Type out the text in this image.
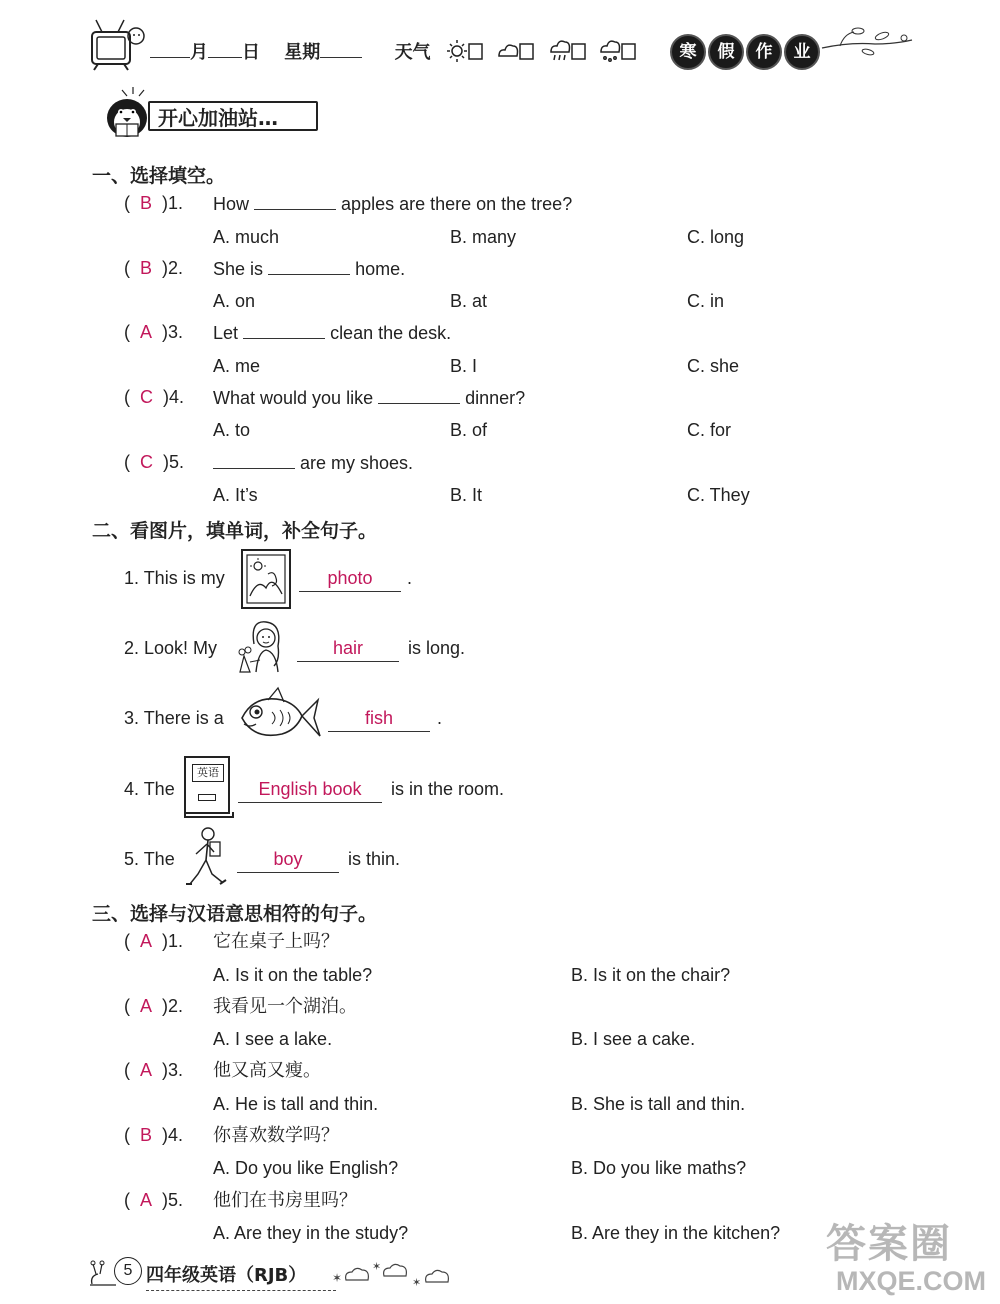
月 日 星期	天气	寒	假	作	业
开心加油站…
一、选择填空。
(  B )1. How	apples are there on the tree?
A. much	B. many	C. long
(  B )2. She is	home.
A. on	B. at	C. in
(  A )3. Let	clean the desk.
A. me	B. I	C. she
(  C )4. What would you like	dinner?
A. to	B. of	C. for
(  C )5.	are my shoes.
A. It’s	B. It	C. They
二、看图片，填单词，补全句子。
1. This is my	photo	.
2. Look! My	hair	is long.
3. There is a	fish	.
4. The
英语
English book	is in the room.
5. The	boy	is thin.
三、选择与汉语意思相符的句子。
(  A )1. 它在桌子上吗？
A. Is it on the table?	B. Is it on the chair?
(  A )2. 我看见一个湖泊。
A. I see a lake.	B. I see a cake.
(  A )3. 他又高又瘦。
A. He is tall and thin.	B. She is tall and thin.
(  B )4. 你喜欢数学吗？
A. Do you like English?	B. Do you like maths?
(  A )5. 他们在书房里吗？
A. Are they in the study?	B. Are they in the kitchen?
5 四年级英语（RJB） ✶
✶
✶
答案圈
MXQE.COM
